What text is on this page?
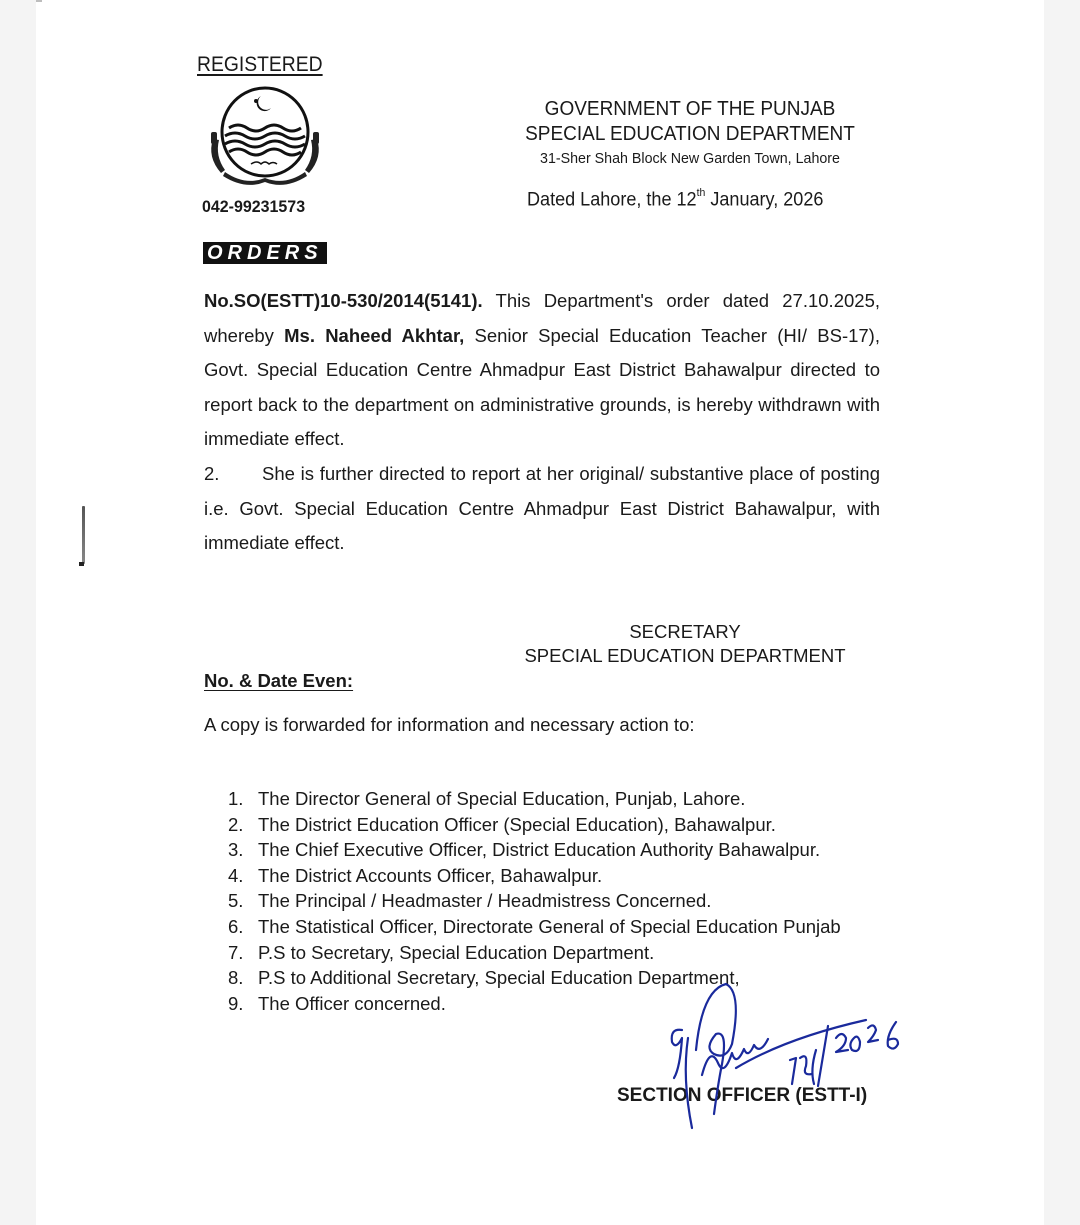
REGISTERED
042-99231573
GOVERNMENT OF THE PUNJAB
SPECIAL EDUCATION DEPARTMENT
31-Sher Shah Block New Garden Town, Lahore
Dated Lahore, the 12th January, 2026
ORDERS
No.SO(ESTT)10-530/2014(5141). This Department's order dated 27.10.2025, whereby Ms. Naheed Akhtar, Senior Special Education Teacher (HI/ BS-17), Govt. Special Education Centre Ahmadpur East District Bahawalpur directed to report back to the department on administrative grounds, is hereby withdrawn with immediate effect.
2. She is further directed to report at her original/ substantive place of posting i.e. Govt. Special Education Centre Ahmadpur East District Bahawalpur, with immediate effect.
SECRETARY
SPECIAL EDUCATION DEPARTMENT
No. & Date Even:
A copy is forwarded for information and necessary action to:
1. The Director General of Special Education, Punjab, Lahore.
2. The District Education Officer (Special Education), Bahawalpur.
3. The Chief Executive Officer, District Education Authority Bahawalpur.
4. The District Accounts Officer, Bahawalpur.
5. The Principal / Headmaster / Headmistress Concerned.
6. The Statistical Officer, Directorate General of Special Education Punjab
7. P.S to Secretary, Special Education Department.
8. P.S to Additional Secretary, Special Education Department,
9. The Officer concerned.
SECTION OFFICER (ESTT-I)
